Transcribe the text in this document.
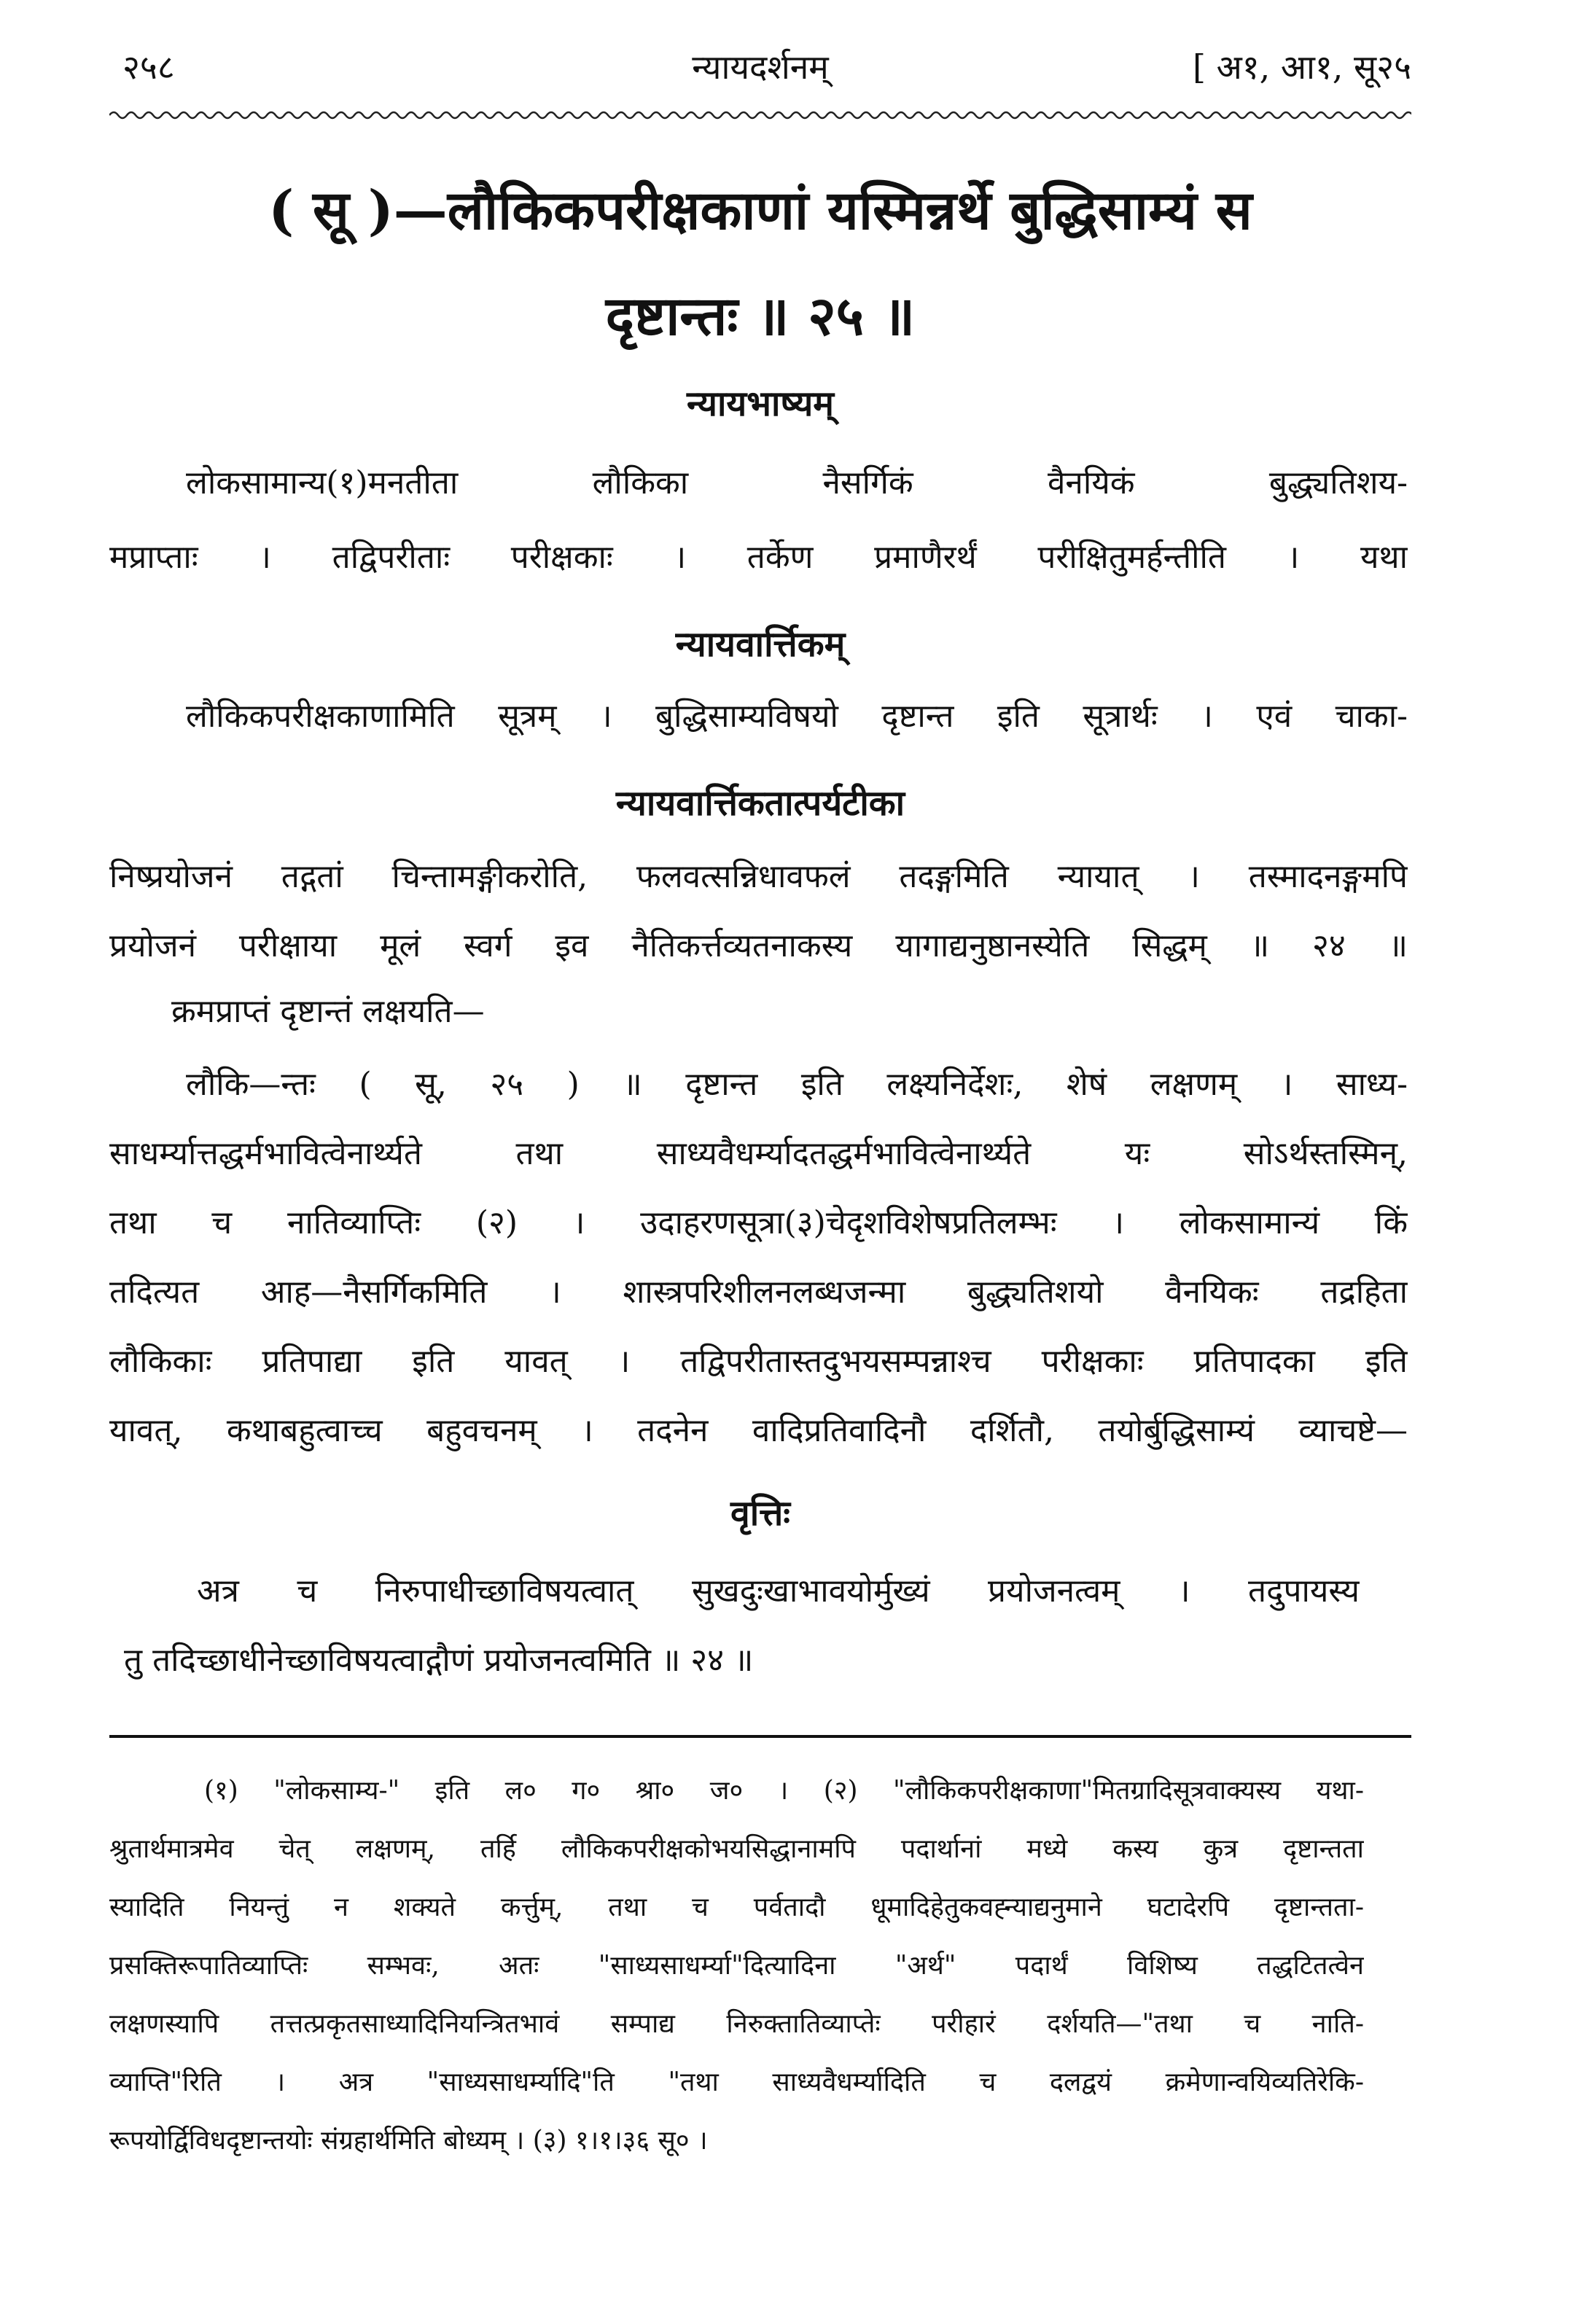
२५८	न्यायदर्शनम्	[ अ१, आ१, सू२५
( सू )—लौकिकपरीक्षकाणां यस्मिन्नर्थे बुद्धिसाम्यं स
दृष्टान्तः ॥ २५ ॥
न्यायभाष्यम्
लोकसामान्य(१)मनतीता लौकिका नैसर्गिकं वैनयिकं बुद्ध्यतिशय-
मप्राप्ताः । तद्विपरीताः परीक्षकाः । तर्केण प्रमाणैरर्थं परीक्षितुमर्हन्तीति । यथा
न्यायवार्त्तिकम्
लौकिकपरीक्षकाणामिति सूत्रम् । बुद्धिसाम्यविषयो दृष्टान्त इति सूत्रार्थः । एवं चाका-
न्यायवार्त्तिकतात्पर्यटीका
निष्प्रयोजनं तद्गतां चिन्तामङ्गीकरोति, फलवत्सन्निधावफलं तदङ्गमिति न्यायात् । तस्मादनङ्गमपि
प्रयोजनं परीक्षाया मूलं स्वर्ग इव नैतिकर्त्तव्यतनाकस्य यागाद्यनुष्ठानस्येति सिद्धम् ॥ २४ ॥
क्रमप्राप्तं दृष्टान्तं लक्षयति—
लौकि—न्तः ( सू, २५ ) ॥ दृष्टान्त इति लक्ष्यनिर्देशः, शेषं लक्षणम् । साध्य-
साधर्म्यात्तद्धर्मभावित्वेनार्थ्यते तथा साध्यवैधर्म्यादतद्धर्मभावित्वेनार्थ्यते यः सोऽर्थस्तस्मिन्,
तथा च नातिव्याप्तिः (२) । उदाहरणसूत्रा(३)चेदृशविशेषप्रतिलम्भः । लोकसामान्यं किं
तदित्यत आह—नैसर्गिकमिति । शास्त्रपरिशीलनलब्धजन्मा बुद्ध्यतिशयो वैनयिकः तद्रहिता
लौकिकाः प्रतिपाद्या इति यावत् । तद्विपरीतास्तदुभयसम्पन्नाश्च परीक्षकाः प्रतिपादका इति
यावत्, कथाबहुत्वाच्च बहुवचनम् । तदनेन वादिप्रतिवादिनौ दर्शितौ, तयोर्बुद्धिसाम्यं व्याचष्टे—
वृत्तिः
अत्र च निरुपाधीच्छाविषयत्वात् सुखदुःखाभावयोर्मुख्यं प्रयोजनत्वम् । तदुपायस्य
तु तदिच्छाधीनेच्छाविषयत्वाद्गौणं प्रयोजनत्वमिति ॥ २४ ॥
(१) "लोकसाम्य-" इति ल० ग० श्रा० ज० । (२) "लौकिकपरीक्षकाणा"मितग्रादिसूत्रवाक्यस्य यथा-
श्रुतार्थमात्रमेव चेत् लक्षणम्, तर्हि लौकिकपरीक्षकोभयसिद्धानामपि पदार्थानां मध्ये कस्य कुत्र दृष्टान्तता
स्यादिति नियन्तुं न शक्यते कर्त्तुम्, तथा च पर्वतादौ धूमादिहेतुकवह्न्याद्यनुमाने घटादेरपि दृष्टान्तता-
प्रसक्तिरूपातिव्याप्तिः सम्भवः, अतः "साध्यसाधर्म्या"दित्यादिना "अर्थ" पदार्थं विशिष्य तद्धटितत्वेन
लक्षणस्यापि तत्तत्प्रकृतसाध्यादिनियन्त्रितभावं सम्पाद्य निरुक्तातिव्याप्तेः परीहारं दर्शयति—"तथा च नाति-
व्याप्ति"रिति । अत्र "साध्यसाधर्म्यादि"ति "तथा साध्यवैधर्म्यादिति च दलद्वयं क्रमेणान्वयिव्यतिरेकि-
रूपयोर्द्विविधदृष्टान्तयोः संग्रहार्थमिति बोध्यम् । (३) १।१।३६ सू० ।
